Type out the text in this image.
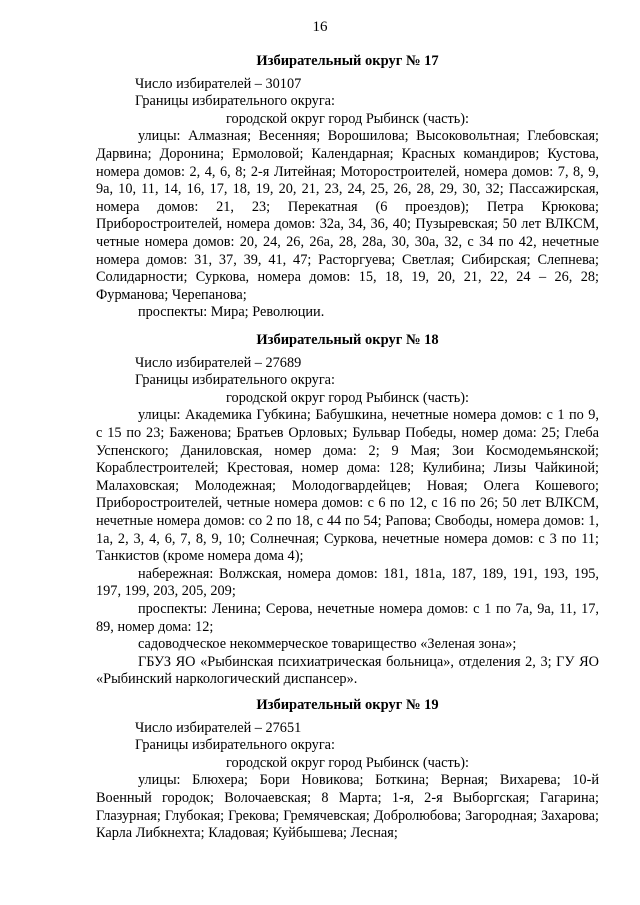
16
Избирательный округ № 17
Число избирателей – 30107
Границы избирательного округа:
городской округ город Рыбинск (часть):

улицы: Алмазная; Весенняя; Ворошилова; Высоковольтная; Глебовская; Дарвина; Доронина; Ермоловой; Календарная; Красных командиров; Кустова, номера домов: 2, 4, 6, 8; 2-я Литейная; Моторостроителей, номера домов: 7, 8, 9, 9а, 10, 11, 14, 16, 17, 18, 19, 20, 21, 23, 24, 25, 26, 28, 29, 30, 32; Пассажирская, номера домов: 21, 23; Перекатная (6 проездов); Петра Крюкова; Приборостроителей, номера домов: 32а, 34, 36, 40; Пузыревская; 50 лет ВЛКСМ, четные номера домов: 20, 24, 26, 26а, 28, 28а, 30, 30а, 32, с 34 по 42, нечетные номера домов: 31, 37, 39, 41, 47; Расторгуева; Светлая; Сибирская; Слепнева; Солидарности; Суркова, номера домов: 15, 18, 19, 20, 21, 22, 24 – 26, 28; Фурманова; Черепанова;

проспекты: Мира; Революции.

Избирательный округ № 18
Число избирателей – 27689
Границы избирательного округа:
городской округ город Рыбинск (часть):

улицы: Академика Губкина; Бабушкина, нечетные номера домов: с 1 по 9, с 15 по 23; Баженова; Братьев Орловых; Бульвар Победы, номер дома: 25; Глеба Успенского; Даниловская, номер дома: 2; 9 Мая; Зои Космодемьянской; Кораблестроителей; Крестовая, номер дома: 128; Кулибина; Лизы Чайкиной; Малаховская; Молодежная; Молодогвардейцев; Новая; Олега Кошевого; Приборостроителей, четные номера домов: с 6 по 12, с 16 по 26; 50 лет ВЛКСМ, нечетные номера домов: со 2 по 18, с 44 по 54; Рапова; Свободы, номера домов: 1, 1а, 2, 3, 4, 6, 7, 8, 9, 10; Солнечная; Суркова, нечетные номера домов: с 3 по 11; Танкистов (кроме номера дома 4);

набережная: Волжская, номера домов: 181, 181а, 187, 189, 191, 193, 195, 197, 199, 203, 205, 209;

проспекты: Ленина; Серова, нечетные номера домов: с 1 по 7а, 9а, 11, 17, 89, номер дома: 12;

садоводческое некоммерческое товарищество «Зеленая зона»;

ГБУЗ ЯО «Рыбинская психиатрическая больница», отделения 2, 3; ГУ ЯО «Рыбинский наркологический диспансер».

Избирательный округ № 19
Число избирателей – 27651
Границы избирательного округа:
городской округ город Рыбинск (часть):

улицы: Блюхера; Бори Новикова; Боткина; Верная; Вихарева; 10-й Военный городок; Волочаевская; 8 Марта; 1-я, 2-я Выборгская; Гагарина; Глазурная; Глубокая; Грекова; Гремячевская; Добролюбова; Загородная; Захарова; Карла Либкнехта; Кладовая; Куйбышева; Лесная;
